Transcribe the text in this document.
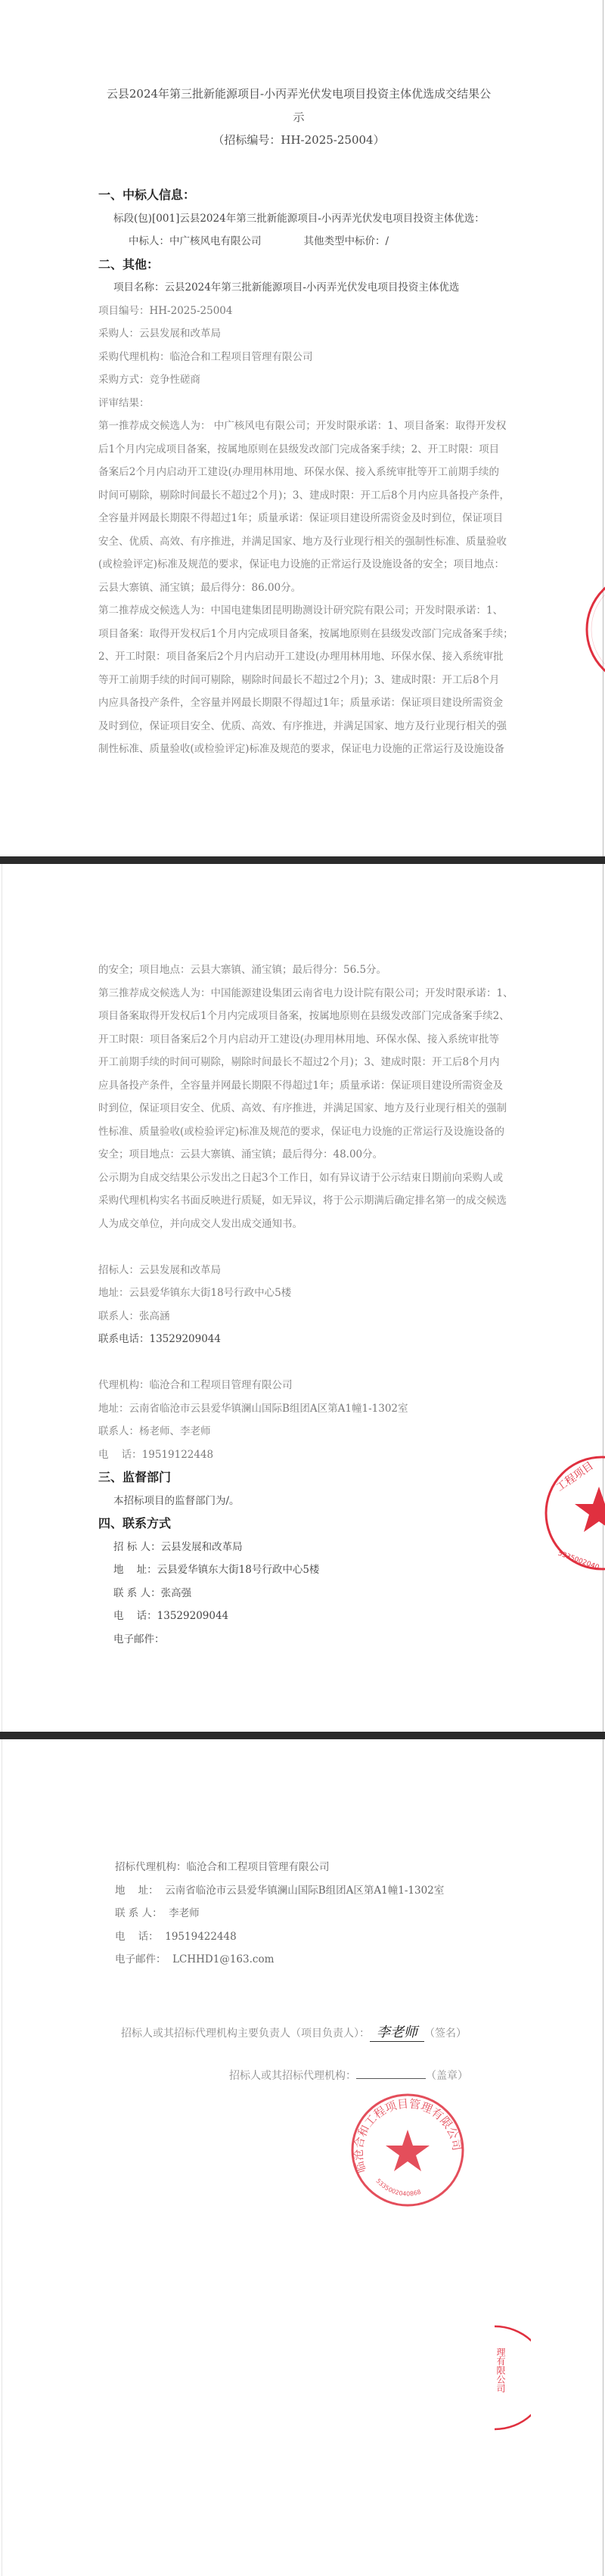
云县2024年第三批新能源项目-小丙弄光伏发电项目投资主体优选成交结果公
示
（招标编号：HH-2025-25004）
一、中标人信息：
标段(包)[001]云县2024年第三批新能源项目-小丙弄光伏发电项目投资主体优选：
中标人：中广核风电有限公司	其他类型中标价：/
二、其他：
项目名称：云县2024年第三批新能源项目-小丙弄光伏发电项目投资主体优选
项目编号：HH-2025-25004
采购人：云县发展和改革局
采购代理机构：临沧合和工程项目管理有限公司
采购方式：竞争性磋商
评审结果：
第一推荐成交候选人为： 中广核风电有限公司；开发时限承诺：1、项目备案：取得开发权
后1个月内完成项目备案，按属地原则在县级发改部门完成备案手续；2、开工时限：项目
备案后2个月内启动开工建设(办理用林用地、环保水保、接入系统审批等开工前期手续的
时间可剔除，剔除时间最长不超过2个月)；3、建成时限：开工后8个月内应具备投产条件，
全容量并网最长期限不得超过1年；质量承诺：保证项目建设所需资金及时到位，保证项目
安全、优质、高效、有序推进，并满足国家、地方及行业现行相关的强制性标准、质量验收
(或检验评定)标准及规范的要求，保证电力设施的正常运行及设施设备的安全；项目地点：
云县大寨镇、涌宝镇；最后得分：86.00分。
第二推荐成交候选人为：中国电建集团昆明勘测设计研究院有限公司；开发时限承诺：1、
项目备案：取得开发权后1个月内完成项目备案，按属地原则在县级发改部门完成备案手续；
2、开工时限：项目备案后2个月内启动开工建设(办理用林用地、环保水保、接入系统审批
等开工前期手续的时间可剔除，剔除时间最长不超过2个月)；3、建成时限：开工后8个月
内应具备投产条件，全容量并网最长期限不得超过1年；质量承诺：保证项目建设所需资金
及时到位，保证项目安全、优质、高效、有序推进，并满足国家、地方及行业现行相关的强
制性标准、质量验收(或检验评定)标准及规范的要求，保证电力设施的正常运行及设施设备
的安全；项目地点：云县大寨镇、涌宝镇；最后得分：56.5分。
第三推荐成交候选人为：中国能源建设集团云南省电力设计院有限公司；开发时限承诺：1、
项目备案取得开发权后1个月内完成项目备案，按属地原则在县级发改部门完成备案手续2、
开工时限：项目备案后2个月内启动开工建设(办理用林用地、环保水保、接入系统审批等
开工前期手续的时间可剔除，剔除时间最长不超过2个月)；3、建成时限：开工后8个月内
应具备投产条件，全容量并网最长期限不得超过1年；质量承诺：保证项目建设所需资金及
时到位，保证项目安全、优质、高效、有序推进，并满足国家、地方及行业现行相关的强制
性标准、质量验收(或检验评定)标准及规范的要求，保证电力设施的正常运行及设施设备的
安全；项目地点：云县大寨镇、涌宝镇；最后得分：48.00分。
公示期为自成交结果公示发出之日起3个工作日，如有异议请于公示结束日期前向采购人或
采购代理机构实名书面反映进行质疑，如无异议，将于公示期满后确定排名第一的成交候选
人为成交单位，并向成交人发出成交通知书。
招标人：云县发展和改革局
地址：云县爱华镇东大街18号行政中心5楼
联系人：张高涵
联系电话：13529209044
代理机构：临沧合和工程项目管理有限公司
地址：云南省临沧市云县爱华镇澜山国际B组团A区第A1幢1-1302室
联系人：杨老师、李老师
电    话：19519122448
三、监督部门
本招标项目的监督部门为/。
四、联系方式
招 标 人：云县发展和改革局
地    址：云县爱华镇东大街18号行政中心5楼
联 系 人：张高强
电    话：13529209044
电子邮件：
工程项目
5335002040
招标代理机构：临沧合和工程项目管理有限公司
地    址：  云南省临沧市云县爱华镇澜山国际B组团A区第A1幢1-1302室
联 系 人：  李老师
电    话：  19519422448
电子邮件：  LCHHD1@163.com
招标人或其招标代理机构主要负责人（项目负责人）： 李老师 （签名）
招标人或其招标代理机构：	（盖章）
临沧合和工程项目管理有限公司
5335002040868
理有限公司
